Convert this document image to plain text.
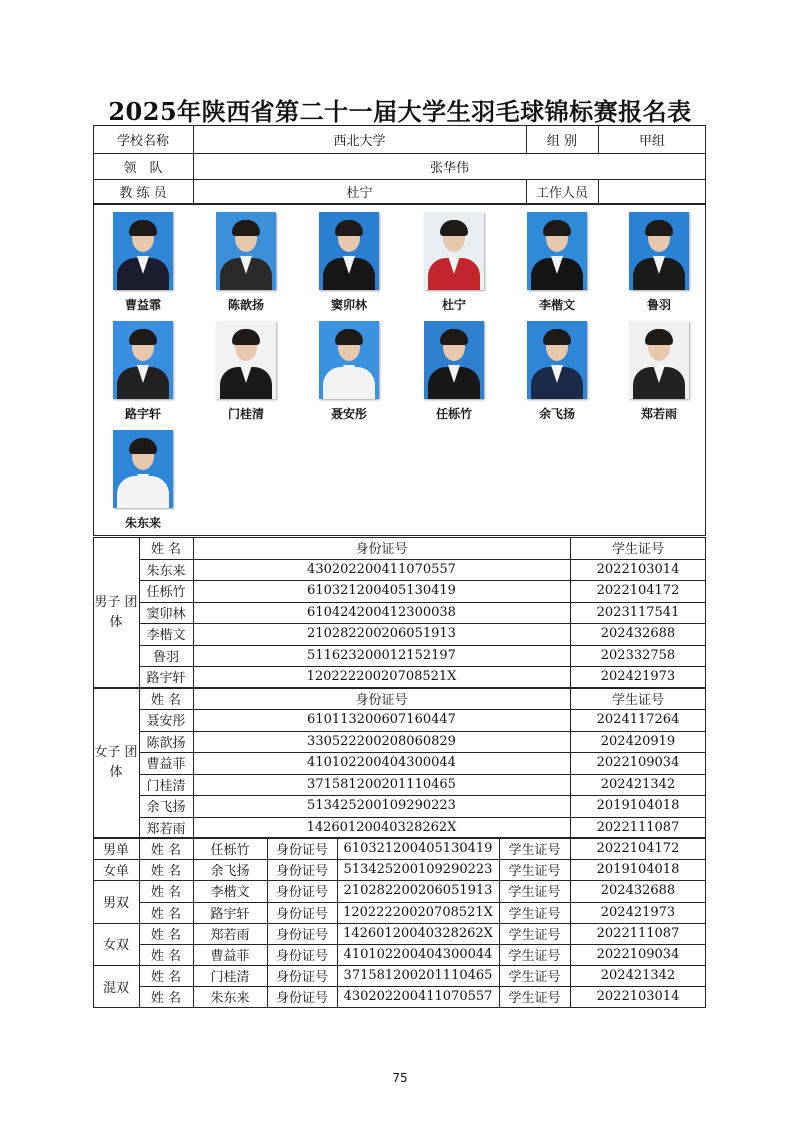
2025年陕西省第二十一届大学生羽毛球锦标赛报名表
75
学校名称	西北大学	组 别	甲组
领　队	张华伟
教 练 员	杜宁	工作人员
曹益霏	陈歆扬	窦卯林	杜宁	李楷文	鲁羽
路宇轩	门桂清	聂安彤	任栎竹	余飞扬	郑若雨
朱东来
男子 团
体
姓 名	身份证号	学生证号
朱东来	430202200411070557	2022103014
任栎竹	610321200405130419	2022104172
窦卯林	610424200412300038	2023117541
李楷文	210282200206051913	202432688
鲁羽	511623200012152197	202332758
路宇轩	12022220020708521X	202421973
女子 团
体
姓 名	身份证号	学生证号
聂安彤	610113200607160447	2024117264
陈歆扬	330522200208060829	202420919
曹益菲	410102200404300044	2022109034
门桂清	371581200201110465	202421342
余飞扬	513425200109290223	2019104018
郑若雨	14260120040328262X	2022111087
男单	姓 名	任栎竹	身份证号	610321200405130419	学生证号	2022104172
女单	姓 名	余飞扬	身份证号	513425200109290223	学生证号	2019104018
男双
姓 名	李楷文	身份证号	210282200206051913	学生证号	202432688
姓 名	路宇轩	身份证号	12022220020708521X	学生证号	202421973
女双
姓 名	郑若雨	身份证号	14260120040328262X	学生证号	2022111087
姓 名	曹益菲	身份证号	410102200404300044	学生证号	2022109034
混双
姓 名	门桂清	身份证号	371581200201110465	学生证号	202421342
姓 名	朱东来	身份证号	430202200411070557	学生证号	2022103014
